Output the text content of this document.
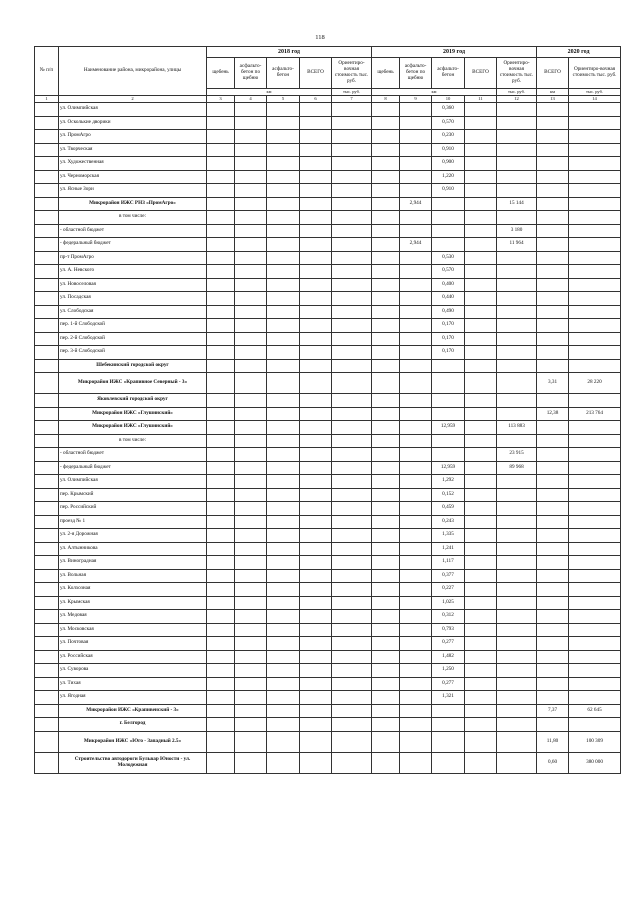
118
№ п/п	Наименование района, микрорайона, улицы	2018 год					2019 год					2020 год	
		щебень	асфальто-бетон по щебню	асфальто-бетон	ВСЕГО	Ориентиро-вочная стоимость тыс. руб.	щебень	асфальто-бетон по щебню	асфальто-бетон	ВСЕГО	Ориентиро-вочная стоимость тыс. руб.	ВСЕГО	Ориентиро-вочная стоимость тыс. руб.
		км				тыс. руб.	км				тыс. руб.	км	тыс. руб.
1	2	3	4	5	6	7	8	9	10	11	12	13	14
	ул. Олимпийская								0,360				
	ул. Осколькие дворики								0,570				
	ул. ПромАгро								0,230				
	ул. Творческая								0,910				
	ул. Художественная								0,900				
	ул. Черноморская								1,220				
	ул. Ясные Зори								0,910				
	Микрорайон ИЖС РНЗ «ПромАгро»							2,944			15 144		
	в том числе:												
	- областной бюджет										3 180		
	- федеральный бюджет							2,944			11 964		
	пр-т ПромАгро								0,530				
	ул. А. Невского								0,570				
	ул. Новоселовая								0,400				
	ул. Посадская								0,440				
	ул. Слободская								0,490				
	пер. 1-й Слободской								0,170				
	пер. 2-й Слободской								0,170				
	пер. 3-й Слободской								0,170				
	Шебекинский городской округ												
	Микрорайон ИЖС «Крапивное Северный - 3»											3,31	28 220
	Яковлевский городской округ												
	Микрорайон ИЖС «Глушинский»											12,38	213 764
	Микрорайон ИЖС «Глушинский»								12,959		113 883		
	в том числе:												
	- областной бюджет										23 915		
	- федеральный бюджет								12,959		89 968		
	ул. Олимпийская								1,292				
	пер. Крымский								0,152				
	пер. Российский								0,459				
	проезд № 1								0,243				
	ул. 2-я Дорожная								1,335				
	ул. Алтынникова								1,241				
	ул. Виноградная								1,117				
	ул. Вольная								0,377				
	ул. Колхозная								0,227				
	ул. Крымская								1,025				
	ул. Медовая								0,312				
	ул. Московская								0,793				
	ул. Почтовая								0,277				
	ул. Российская								1,482				
	ул. Суворова								1,250				
	ул. Тихая								0,277				
	ул. Ягодная								1,321				
	Микрорайон ИЖС «Крапивенский - 3»											7,37	62 645
	г. Белгород												
	Микрорайон ИЖС «Юго - Западный 2.5»											11,80	100 309
	Строительство автодороги Бульвар Юности - ул. Молодежная											0,60	380 000
